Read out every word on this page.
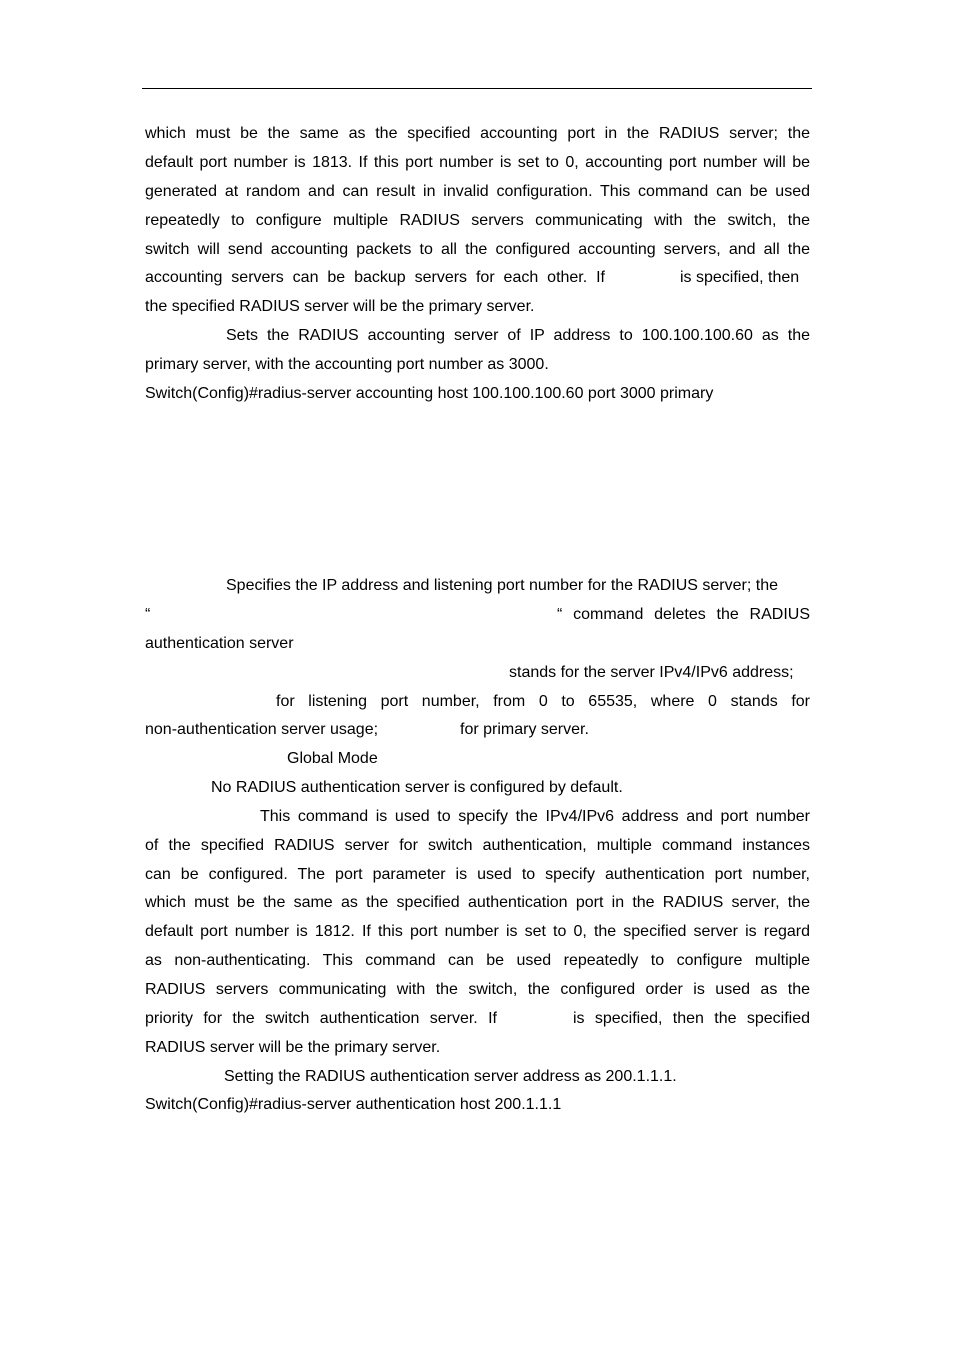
which must be the same as the specified accounting port in the RADIUS server; the
default port number is 1813. If this port number is set to 0, accounting port number will be
generated at random and can result in invalid configuration. This command can be used
repeatedly to configure multiple RADIUS servers communicating with the switch, the
switch will send accounting packets to all the configured accounting servers, and all the
accounting servers can be backup servers for each other. If	is specified, then
the specified RADIUS server will be the primary server.
Sets the RADIUS accounting server of IP address to 100.100.100.60 as the
primary server, with the accounting port number as 3000.
Switch(Config)#radius-server accounting host 100.100.100.60 port 3000 primary
Specifies the IP address and listening port number for the RADIUS server; the
“	“ command deletes the RADIUS
authentication server
stands for the server IPv4/IPv6 address;
for listening port number, from 0 to 65535, where 0 stands for
non-authentication server usage;	for primary server.
Global Mode
No RADIUS authentication server is configured by default.
This command is used to specify the IPv4/IPv6 address and port number
of the specified RADIUS server for switch authentication, multiple command instances
can be configured. The port parameter is used to specify authentication port number,
which must be the same as the specified authentication port in the RADIUS server, the
default port number is 1812. If this port number is set to 0, the specified server is regard
as non-authenticating. This command can be used repeatedly to configure multiple
RADIUS servers communicating with the switch, the configured order is used as the
priority for the switch authentication server. If	is specified, then the specified
RADIUS server will be the primary server.
Setting the RADIUS authentication server address as 200.1.1.1.
Switch(Config)#radius-server authentication host 200.1.1.1
